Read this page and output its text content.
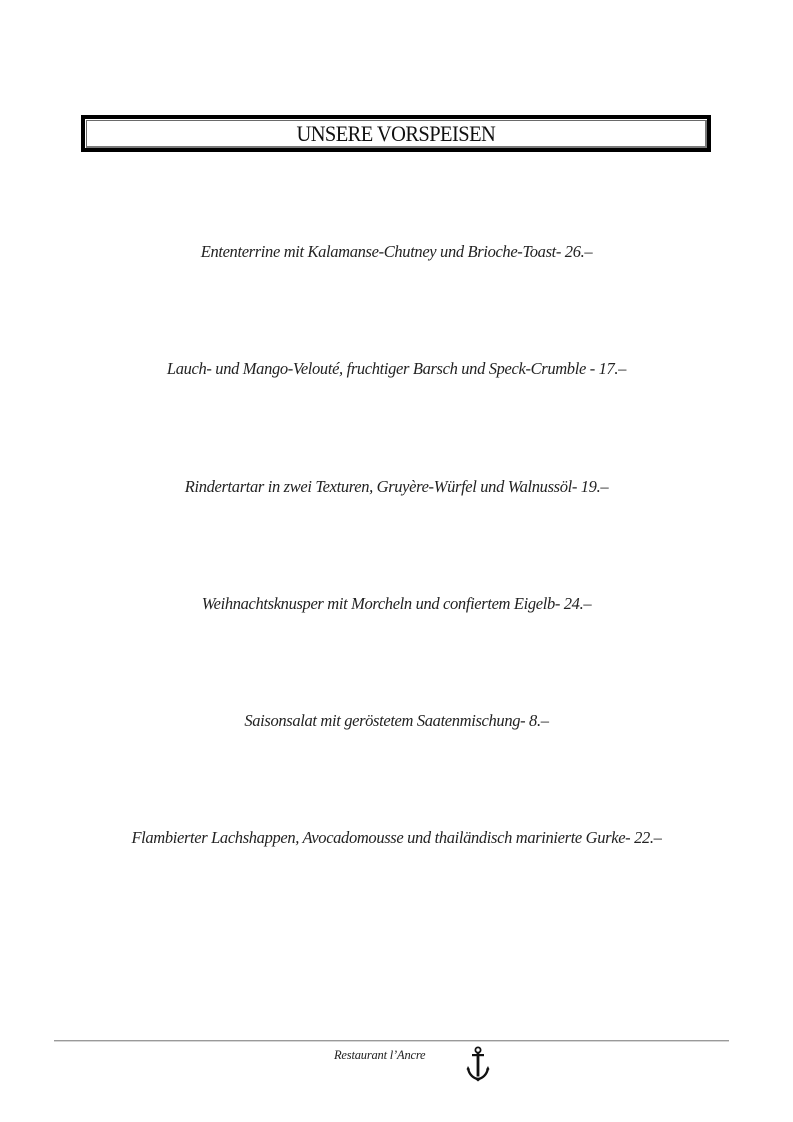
UNSERE VORSPEISEN
Ententerrine mit Kalamanse-Chutney und Brioche-Toast- 26.–
Lauch- und Mango-Velouté, fruchtiger Barsch und Speck-Crumble - 17.–
Rindertartar in zwei Texturen, Gruyère-Würfel und Walnussöl- 19.–
Weihnachtsknusper mit Morcheln und confiertem Eigelb- 24.–
Saisonsalat mit geröstetem Saatenmischung- 8.–
Flambierter Lachshappen, Avocadomousse und thailändisch marinierte Gurke- 22.–
Restaurant l’Ancre
